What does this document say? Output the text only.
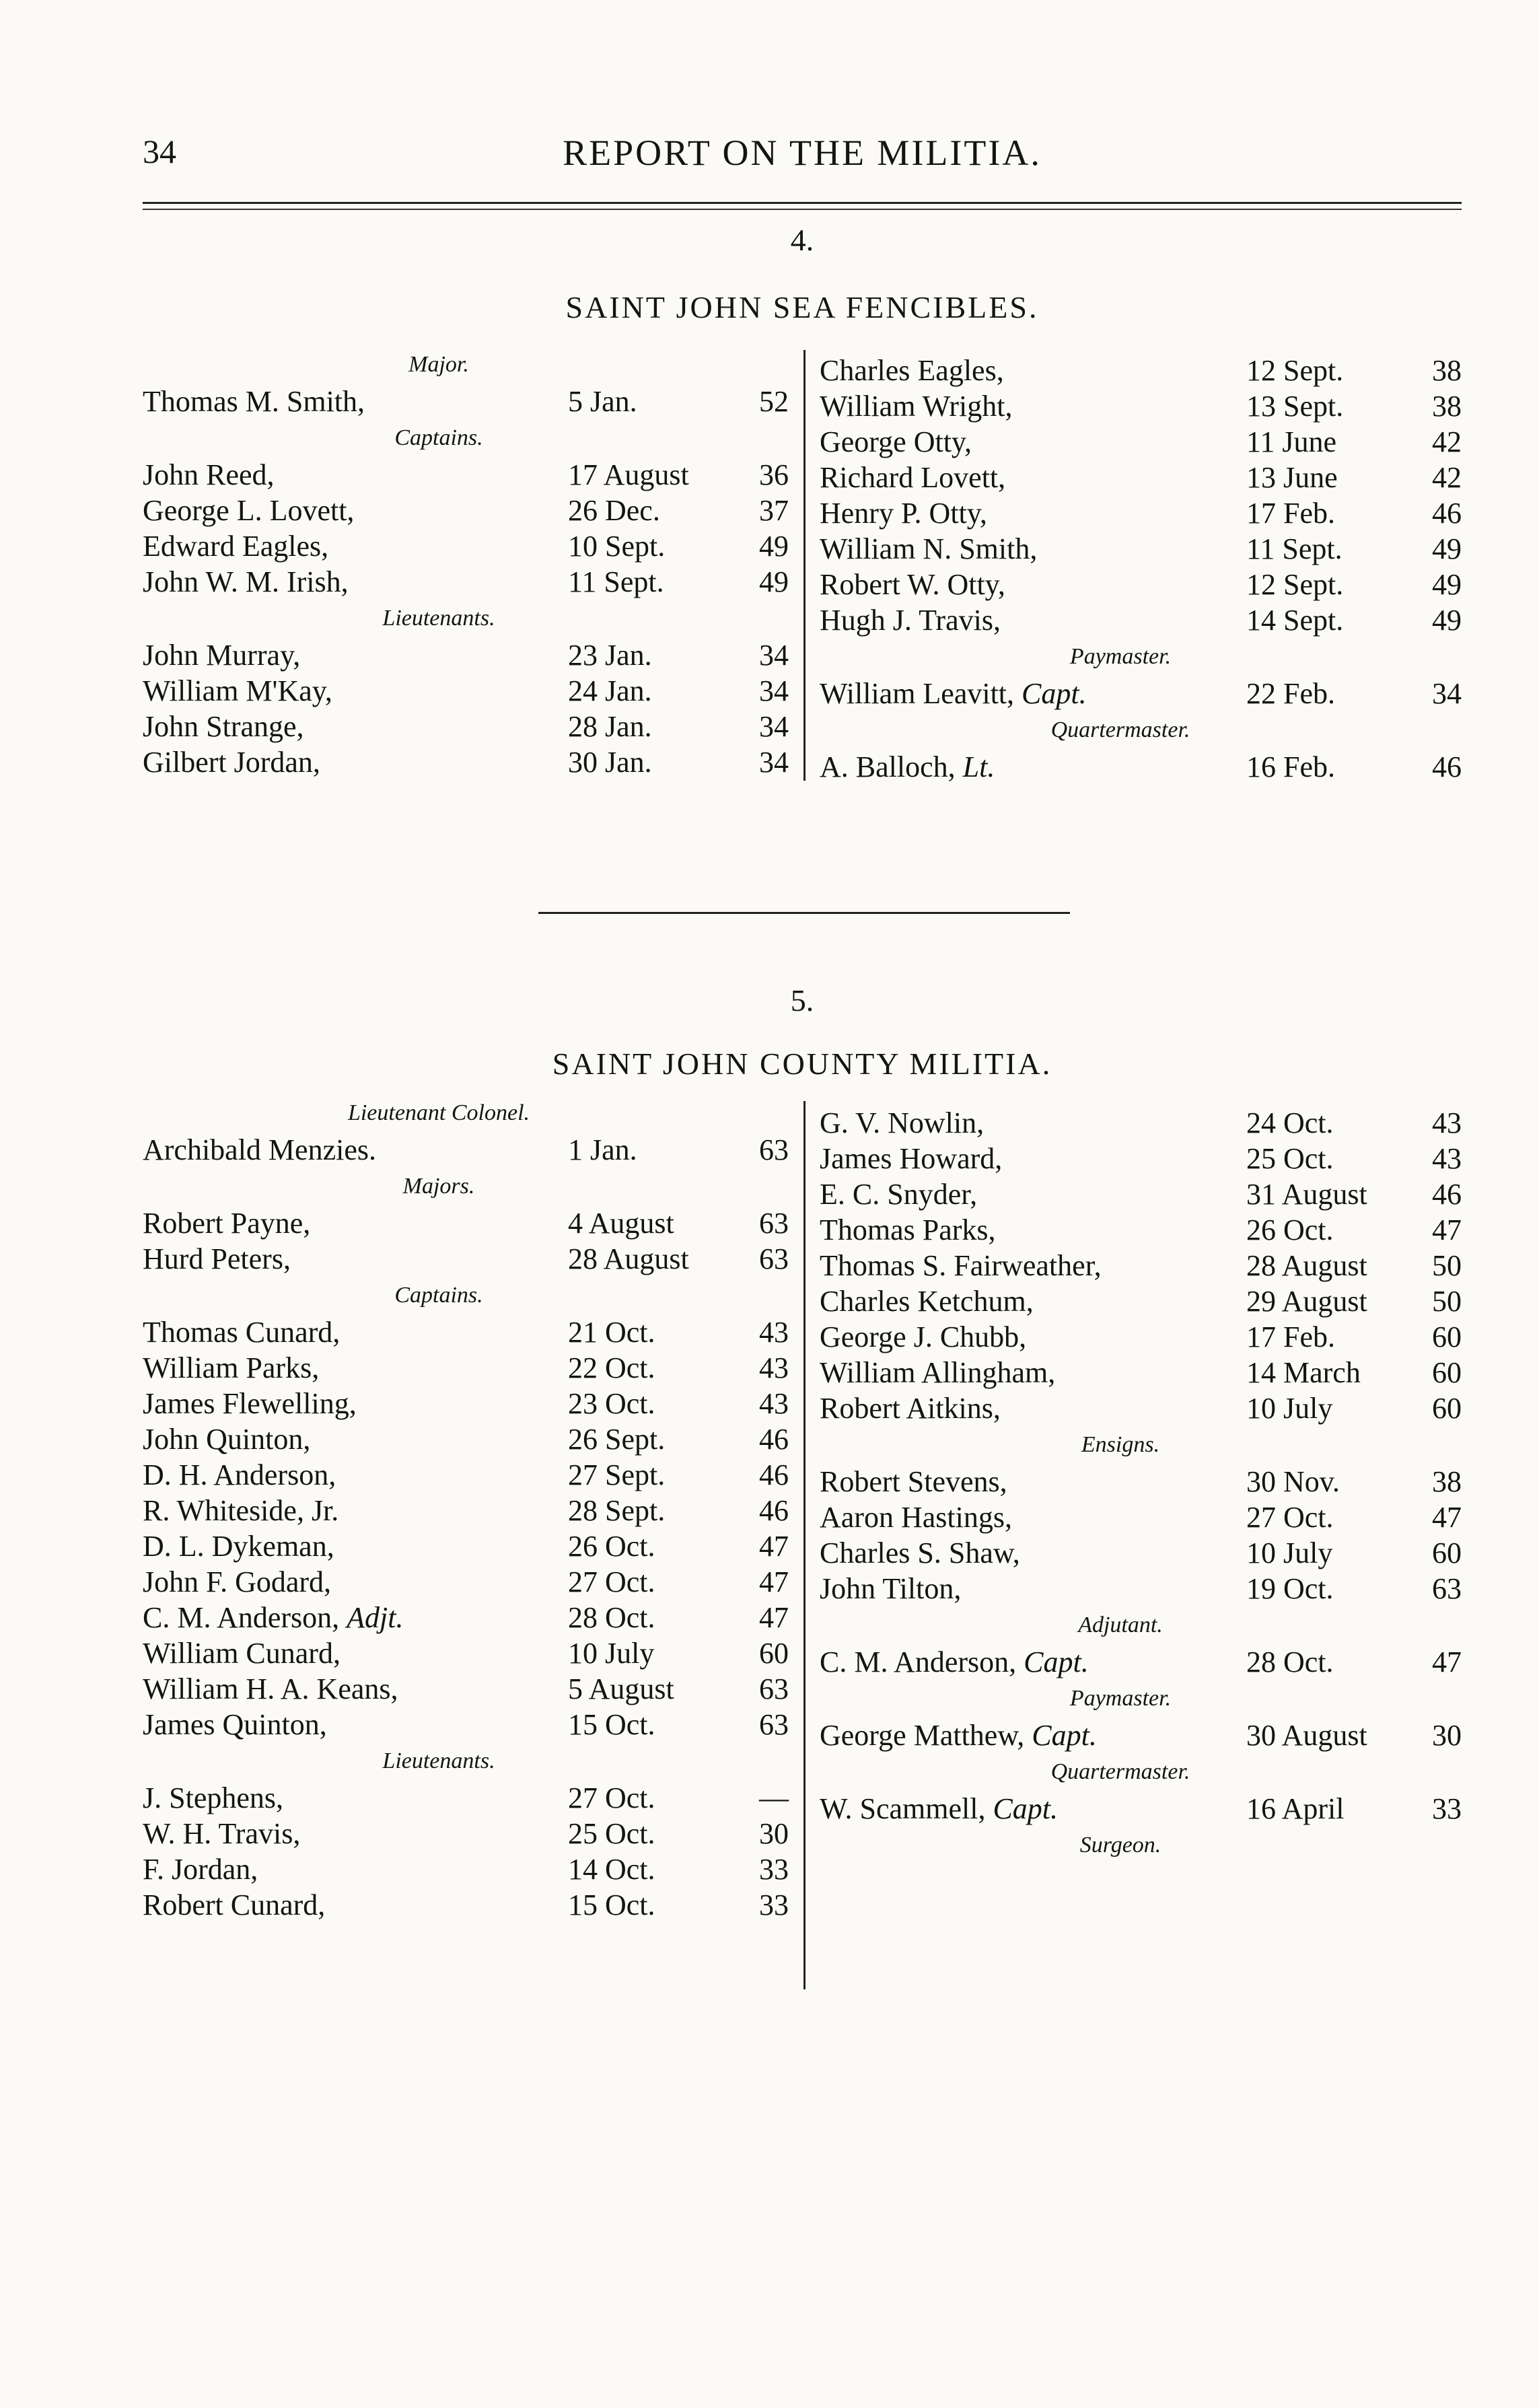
34	REPORT ON THE MILITIA.
4.
SAINT JOHN SEA FENCIBLES.
Major.
Thomas M. Smith,	5 Jan.	52
Captains.
John Reed,	17 August	36
George L. Lovett,	26 Dec.	37
Edward Eagles,	10 Sept.	49
John W. M. Irish,	11 Sept.	49
Lieutenants.
John Murray,	23 Jan.	34
William M'Kay,	24 Jan.	34
John Strange,	28 Jan.	34
Gilbert Jordan,	30 Jan.	34
Charles Eagles,	12 Sept.	38
William Wright,	13 Sept.	38
George Otty,	11 June	42
Richard Lovett,	13 June	42
Henry P. Otty,	17 Feb.	46
William N. Smith,	11 Sept.	49
Robert W. Otty,	12 Sept.	49
Hugh J. Travis,	14 Sept.	49
Paymaster.
William Leavitt, Capt.	22 Feb.	34
Quartermaster.
A. Balloch, Lt.	16 Feb.	46
5.
SAINT JOHN COUNTY MILITIA.
Lieutenant Colonel.
Archibald Menzies.	1 Jan.	63
Majors.
Robert Payne,	4 August	63
Hurd Peters,	28 August	63
Captains.
Thomas Cunard,	21 Oct.	43
William Parks,	22 Oct.	43
James Flewelling,	23 Oct.	43
John Quinton,	26 Sept.	46
D. H. Anderson,	27 Sept.	46
R. Whiteside, Jr.	28 Sept.	46
D. L. Dykeman,	26 Oct.	47
John F. Godard,	27 Oct.	47
C. M. Anderson, Adjt.	28 Oct.	47
William Cunard,	10 July	60
William H. A. Keans,	5 August	63
James Quinton,	15 Oct.	63
Lieutenants.
J. Stephens,	27 Oct.	—
W. H. Travis,	25 Oct.	30
F. Jordan,	14 Oct.	33
Robert Cunard,	15 Oct.	33
G. V. Nowlin,	24 Oct.	43
James Howard,	25 Oct.	43
E. C. Snyder,	31 August	46
Thomas Parks,	26 Oct.	47
Thomas S. Fairweather,	28 August	50
Charles Ketchum,	29 August	50
George J. Chubb,	17 Feb.	60
William Allingham,	14 March	60
Robert Aitkins,	10 July	60
Ensigns.
Robert Stevens,	30 Nov.	38
Aaron Hastings,	27 Oct.	47
Charles S. Shaw,	10 July	60
John Tilton,	19 Oct.	63
Adjutant.
C. M. Anderson, Capt.	28 Oct.	47
Paymaster.
George Matthew, Capt.	30 August	30
Quartermaster.
W. Scammell, Capt.	16 April	33
Surgeon.
